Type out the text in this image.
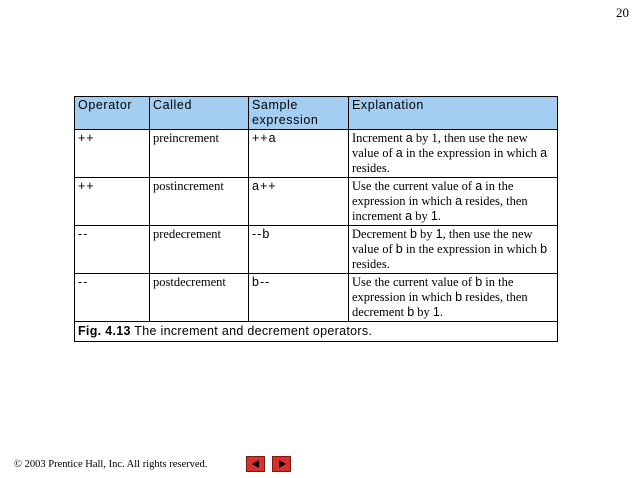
20
Operator	Called	Sample expression	Explanation
++	preincrement	++a	Increment a by 1, then use the new value of a in the expression in which a resides.
++	postincrement	a++	Use the current value of a in the expression in which a resides, then increment a by 1.
--	predecrement	--b	Decrement b by 1, then use the new value of b in the expression in which b resides.
--	postdecrement	b--	Use the current value of b in the expression in which b resides, then decrement b by 1.
Fig. 4.13 The increment and decrement operators.			
© 2003 Prentice Hall, Inc. All rights reserved.
